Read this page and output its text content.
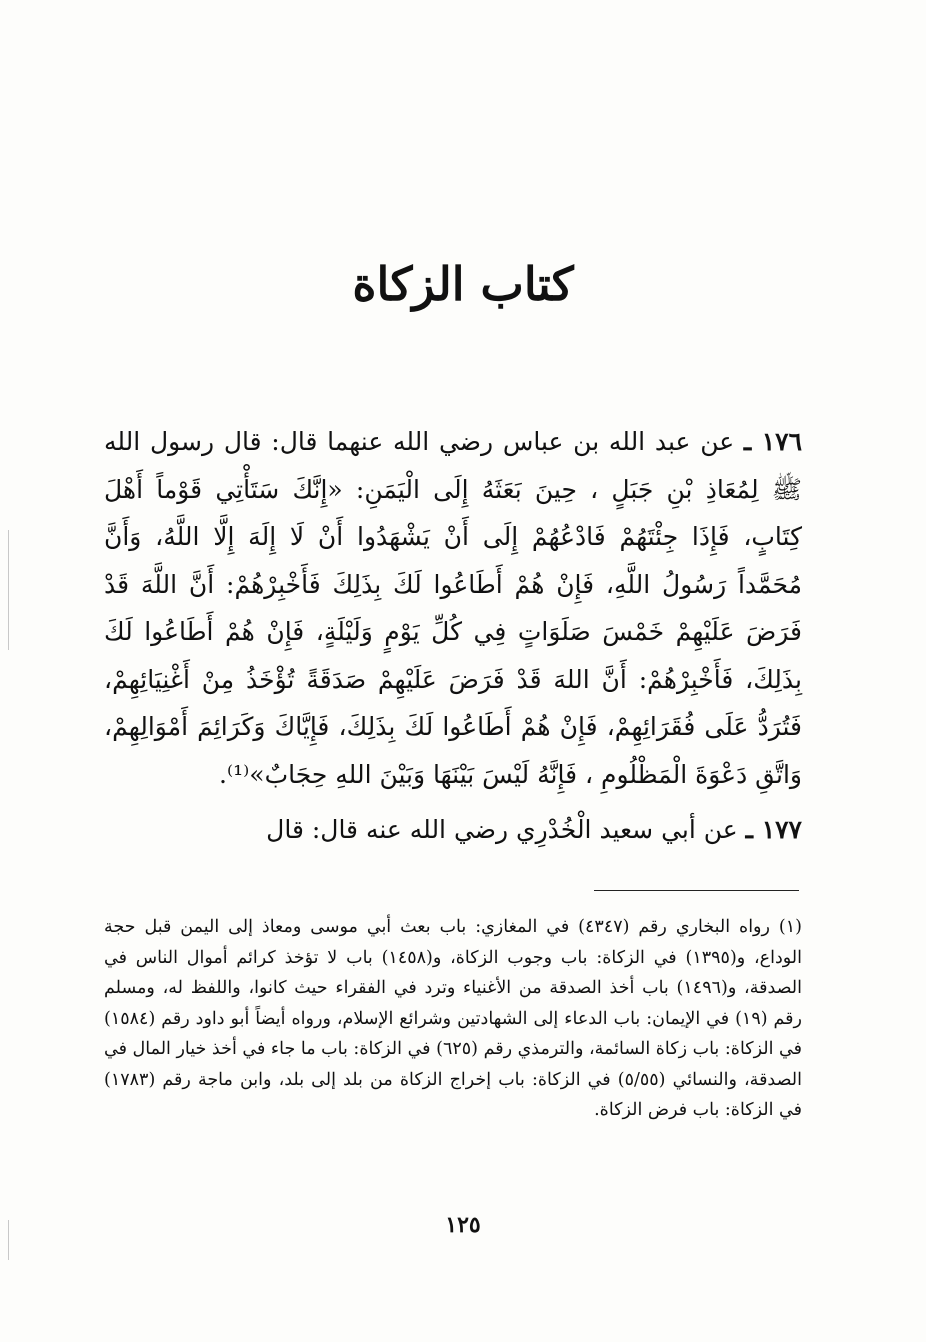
كتاب الزكاة

١٧٦ ـ عن عبد الله بن عباس رضي الله عنهما قال: قال رسول الله ﷺ لِمُعَاذِ بْنِ جَبَلٍ ، حِينَ بَعَثَهُ إِلَى الْيَمَنِ: «إِنَّكَ سَتَأْتِي قَوْماً أَهْلَ كِتَابٍ، فَإِذَا جِئْتَهُمْ فَادْعُهُمْ إِلَى أَنْ يَشْهَدُوا أَنْ لَا إِلَهَ إِلَّا اللَّهُ، وَأَنَّ مُحَمَّداً رَسُولُ اللَّهِ، فَإِنْ هُمْ أَطَاعُوا لَكَ بِذَلِكَ فَأَخْبِرْهُمْ: أَنَّ اللَّهَ قَدْ فَرَضَ عَلَيْهِمْ خَمْسَ صَلَوَاتٍ فِي كُلِّ يَوْمٍ وَلَيْلَةٍ، فَإِنْ هُمْ أَطَاعُوا لَكَ بِذَلِكَ، فَأَخْبِرْهُمْ: أَنَّ اللهَ قَدْ فَرَضَ عَلَيْهِمْ صَدَقَةً تُؤْخَذُ مِنْ أَغْنِيَائِهِمْ، فَتُرَدُّ عَلَى فُقَرَائِهِمْ، فَإِنْ هُمْ أَطَاعُوا لَكَ بِذَلِكَ، فَإِيَّاكَ وَكَرَائِمَ أَمْوَالِهِمْ، وَاتَّقِ دَعْوَةَ الْمَظْلُومِ ، فَإِنَّهُ لَيْسَ بَيْنَهَا وَبَيْنَ اللهِ حِجَابٌ»⁽¹⁾.

١٧٧ ـ عن أبي سعيد الْخُدْرِي رضي الله عنه قال: قال

(١) رواه البخاري رقم (٤٣٤٧) في المغازي: باب بعث أبي موسى ومعاذ إلى اليمن قبل حجة الوداع، و(١٣٩٥) في الزكاة: باب وجوب الزكاة، و(١٤٥٨) باب لا تؤخذ كرائم أموال الناس في الصدقة، و(١٤٩٦) باب أخذ الصدقة من الأغنياء وترد في الفقراء حيث كانوا، واللفظ له، ومسلم رقم (١٩) في الإيمان: باب الدعاء إلى الشهادتين وشرائع الإسلام، ورواه أيضاً أبو داود رقم (١٥٨٤) في الزكاة: باب زكاة السائمة، والترمذي رقم (٦٢٥) في الزكاة: باب ما جاء في أخذ خيار المال في الصدقة، والنسائي (٥/٥٥) في الزكاة: باب إخراج الزكاة من بلد إلى بلد، وابن ماجة رقم (١٧٨٣) في الزكاة: باب فرض الزكاة.

١٢٥
